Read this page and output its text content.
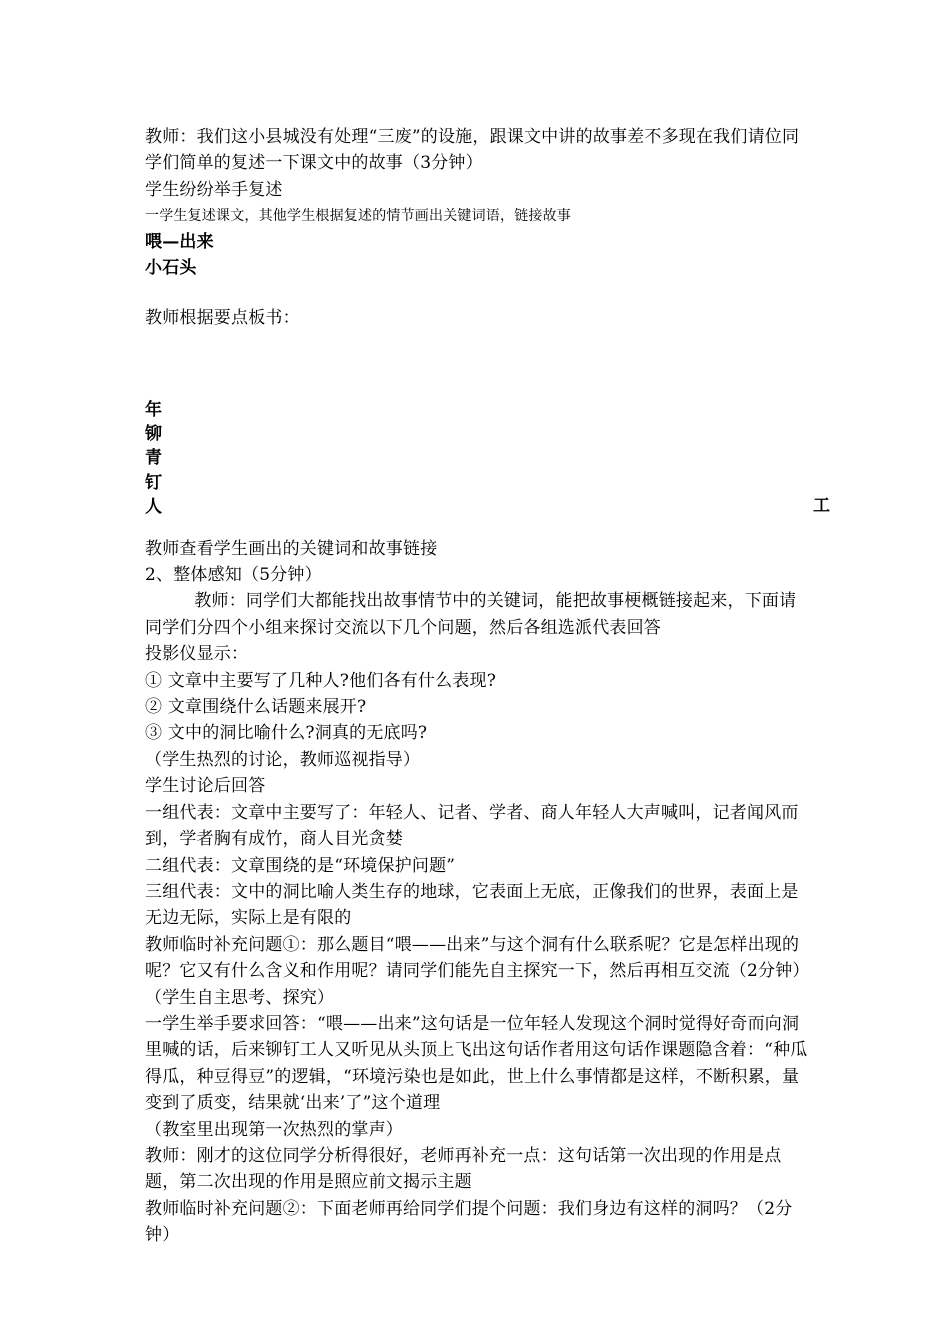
教师：我们这小县城没有处理“三废”的设施，跟课文中讲的故事差不多现在我们请位同学们简单的复述一下课文中的故事（3分钟）

学生纷纷举手复述

一学生复述课文，其他学生根据复述的情节画出关键词语，链接故事

喂—出来

小石头

教师根据要点板书：

年

铆

青

钉

人	工

教师查看学生画出的关键词和故事链接

2、整体感知（5分钟）

教师：同学们大都能找出故事情节中的关键词，能把故事梗概链接起来，下面请同学们分四个小组来探讨交流以下几个问题，然后各组选派代表回答

投影仪显示：

① 文章中主要写了几种人?他们各有什么表现?

② 文章围绕什么话题来展开?

③ 文中的洞比喻什么?洞真的无底吗?

（学生热烈的讨论，教师巡视指导）

学生讨论后回答

一组代表：文章中主要写了：年轻人、记者、学者、商人年轻人大声喊叫，记者闻风而到，学者胸有成竹，商人目光贪婪

二组代表：文章围绕的是“环境保护问题”

三组代表：文中的洞比喻人类生存的地球，它表面上无底，正像我们的世界，表面上是无边无际，实际上是有限的

教师临时补充问题①：那么题目“喂——出来”与这个洞有什么联系呢？它是怎样出现的呢？它又有什么含义和作用呢？请同学们能先自主探究一下，然后再相互交流（2分钟）

（学生自主思考、探究）

一学生举手要求回答：“喂——出来”这句话是一位年轻人发现这个洞时觉得好奇而向洞里喊的话，后来铆钉工人又听见从头顶上飞出这句话作者用这句话作课题隐含着：“种瓜得瓜，种豆得豆”的逻辑，“环境污染也是如此，世上什么事情都是这样，不断积累，量变到了质变，结果就‘出来’了”这个道理

（教室里出现第一次热烈的掌声）

教师：刚才的这位同学分析得很好，老师再补充一点：这句话第一次出现的作用是点题，第二次出现的作用是照应前文揭示主题

教师临时补充问题②：下面老师再给同学们提个问题：我们身边有这样的洞吗？（2分钟）
